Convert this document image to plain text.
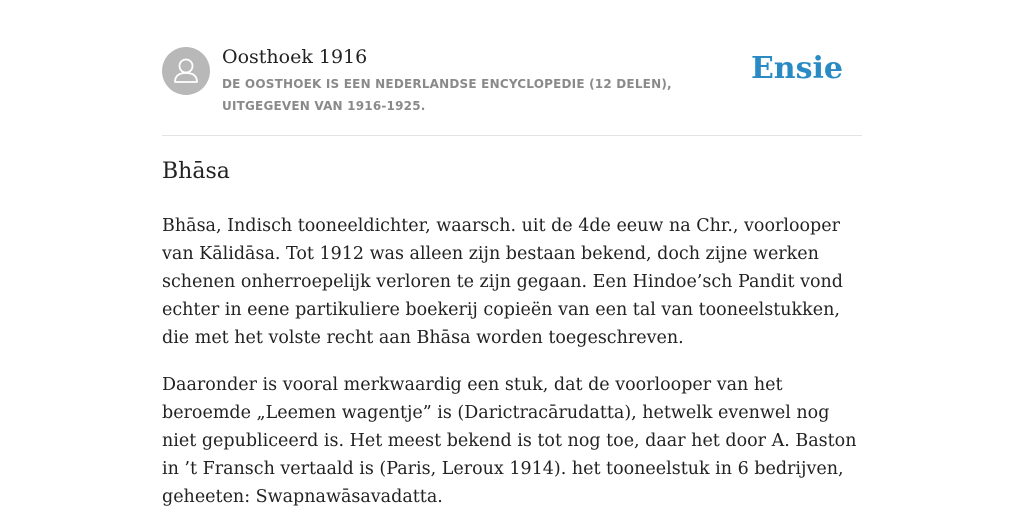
Oosthoek 1916
DE OOSTHOEK IS EEN NEDERLANDSE ENCYCLOPEDIE (12 DELEN), UITGEGEVEN VAN 1916-1925.
Ensie
Bhāsa

Bhāsa, Indisch tooneeldichter, waarsch. uit de 4de eeuw na Chr., voorlooper van Kālidāsa. Tot 1912 was alleen zijn bestaan bekend, doch zijne werken schenen onherroepelijk verloren te zijn gegaan. Een Hindoe’sch Pandit vond echter in eene partikuliere boekerij copieën van een tal van tooneelstukken, die met het volste recht aan Bhāsa worden toegeschreven.

Daaronder is vooral merkwaardig een stuk, dat de voorlooper van het beroemde „Leemen wagentje” is (Darictracārudatta), hetwelk evenwel nog niet gepubliceerd is. Het meest bekend is tot nog toe, daar het door A. Baston in ’t Fransch vertaald is (Paris, Leroux 1914). het tooneelstuk in 6 bedrijven, geheeten: Swapnawāsavadatta.
